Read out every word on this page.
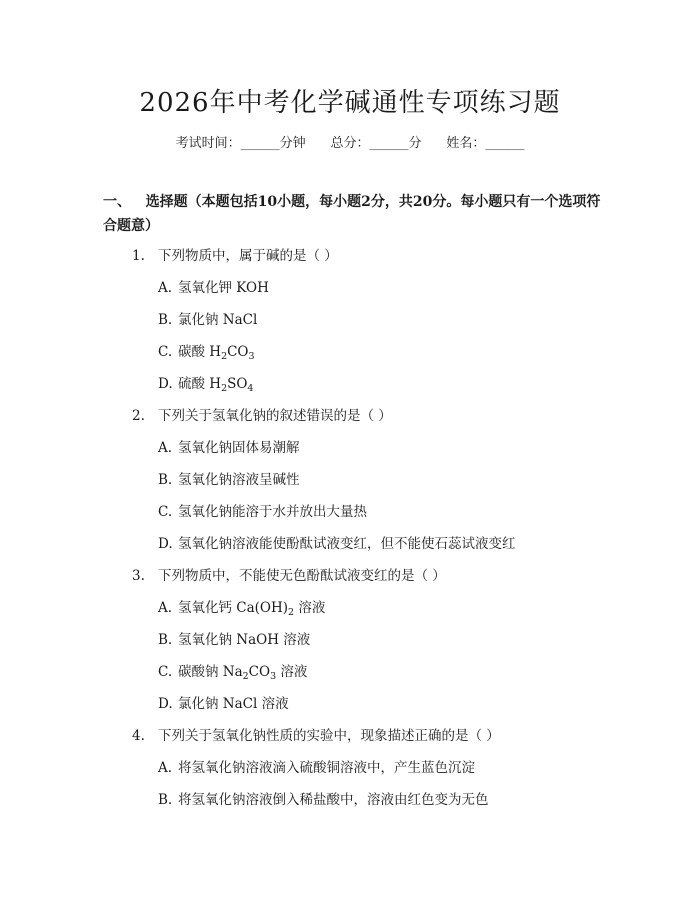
2026年中考化学碱通性专项练习题
考试时间：______分钟 总分：______分 姓名：______
一、 选择题（本题包括10小题，每小题2分，共20分。每小题只有一个选项符合题意）
1. 下列物质中，属于碱的是（ ）
A. 氢氧化钾 KOH
B. 氯化钠 NaCl
C. 碳酸 $H_2CO_3$
D. 硫酸 $H_2SO_4$
2. 下列关于氢氧化钠的叙述错误的是（ ）
A. 氢氧化钠固体易潮解
B. 氢氧化钠溶液呈碱性
C. 氢氧化钠能溶于水并放出大量热
D. 氢氧化钠溶液能使酚酞试液变红，但不能使石蕊试液变红
3. 下列物质中，不能使无色酚酞试液变红的是（ ）
A. 氢氧化钙 $Ca(OH)_2$ 溶液
B. 氢氧化钠 NaOH 溶液
C. 碳酸钠 $Na_2CO_3$ 溶液
D. 氯化钠 NaCl 溶液
4. 下列关于氢氧化钠性质的实验中，现象描述正确的是（ ）
A. 将氢氧化钠溶液滴入硫酸铜溶液中，产生蓝色沉淀
B. 将氢氧化钠溶液倒入稀盐酸中，溶液由红色变为无色
